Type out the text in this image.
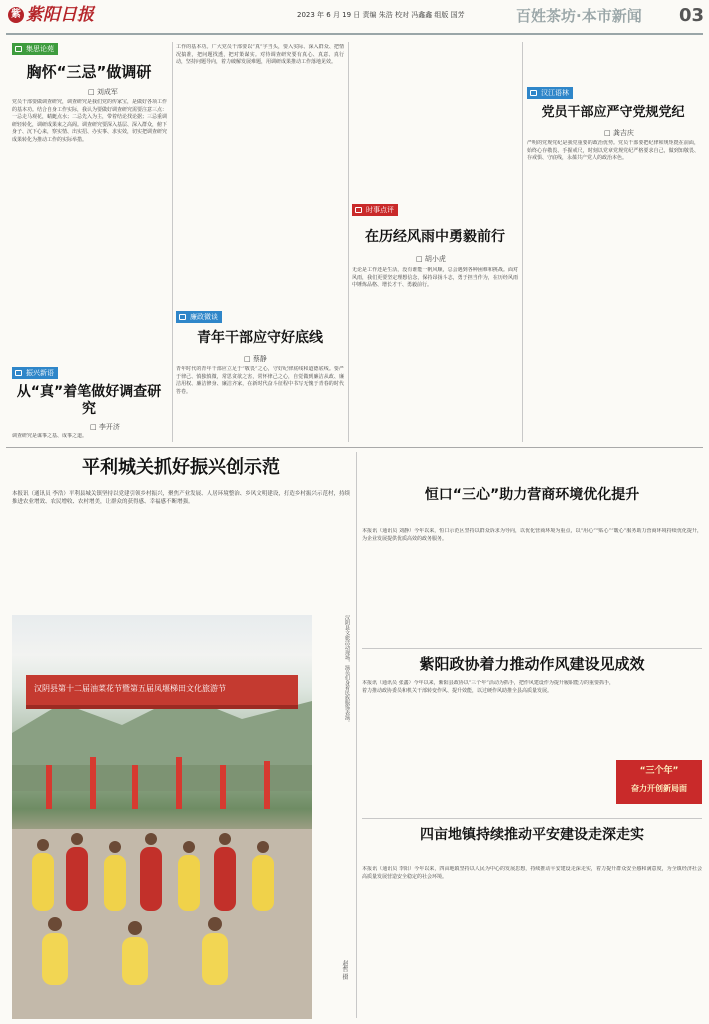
紫 紫阳日报	2023 年 6 月 19 日 责编 朱浩 校对 冯鑫鑫 组版 国芳	百姓茶坊·本市新闻 03
集思论苑
胸怀“三忌”做调研
□ 刘成军
党员干部要做调查研究，调查研究是我们党的传家宝，是做好各项工作的基本功。结合自身工作实际，我认为要做好调查研究需要注意三点：一忌走马观花，蜻蜓点水；二忌先入为主，带着结论找论据；三忌重调研轻转化，调研成果束之高阁。调查研究要深入基层、深入群众，俯下身子、沉下心来，察实情、出实招、办实事、求实效，切实把调查研究成果转化为推动工作的实际举措。
振兴新语
从“真”着笔做好调查研究
□ 李开济
调查研究是谋事之基、成事之道。
工作的基本功。广大党员干部要以“真”字当头，要入实际、深入群众、把情况搞准，把问题找透，把对策谋实。对待调查研究要有真心、真意、真行动，坚持问题导向，着力破解发展难题，用调研成果推动工作落地见效。
廉政微谈
青年干部应守好底线
□ 蔡静
青年时代的青年干部应立足于“敬畏”之心，守好纪律底线和道德底线。要严于律己、慎独慎微，常思贪欲之害，常怀律己之心，自觉做到廉洁从政、廉洁用权、廉洁修身、廉洁齐家，在新时代奋斗征程中书写无愧于青春的时代答卷。
时事点评
在历经风雨中勇毅前行
□ 胡小虎
无论是工作还是生活，没有谁能一帆风顺，总会遇到各种困难和挑战。面对风雨，我们更要坚定理想信念，保持昂扬斗志，勇于担当作为，在历经风雨中锤炼品格、增长才干、勇毅前行。
汉江语林
党员干部应严守党规党纪
□ 龚吉庆
严明的党规党纪是我党重要的政治优势。党员干部要把纪律和规矩挺在前面，始终心存敬畏、手握戒尺，时刻以党章党规党纪严格要求自己，做到知敬畏、存戒惧、守底线，永葆共产党人的政治本色。
平利城关抓好振兴创示范
本报讯（通讯员 李浩）平利县城关镇坚持以党建引领乡村振兴，聚焦产业发展、人居环境整治、乡风文明建设，打造乡村振兴示范村，持续推进农业增效、农民增收、农村增美，让群众的获得感、幸福感不断增强。
汉阴县第十二届油菜花节暨第五届凤堰梯田文化旅游节	汉阴县文旅活动现场，演员们身着民族服饰表演。
赵哲 摄
恒口“三心”助力营商环境优化提升
本报讯（通讯员 刘静）今年以来，恒口示范区坚持以群众诉求为导向，以优化营商环境为重点，以“用心”“贴心”“暖心”服务助力营商环境持续优化提升，为企业发展提供优质高效的政务服务。
紫阳政协着力推动作风建设见成效
本报讯（通讯员 张鑫）今年以来，紫阳县政协以“三个年”活动为抓手，把作风建设作为提升履职能力的重要抓手，着力推动政协委员和机关干部转变作风、提升效能，以过硬作风助推全县高质量发展。
“三个年”
奋力开创新局面
四亩地镇持续推动平安建设走深走实
本报讯（通讯员 李阳）今年以来，四亩地镇坚持以人民为中心的发展思想，持续推动平安建设走深走实，着力提升群众安全感和满意度，为全镇经济社会高质量发展营造安全稳定的社会环境。
